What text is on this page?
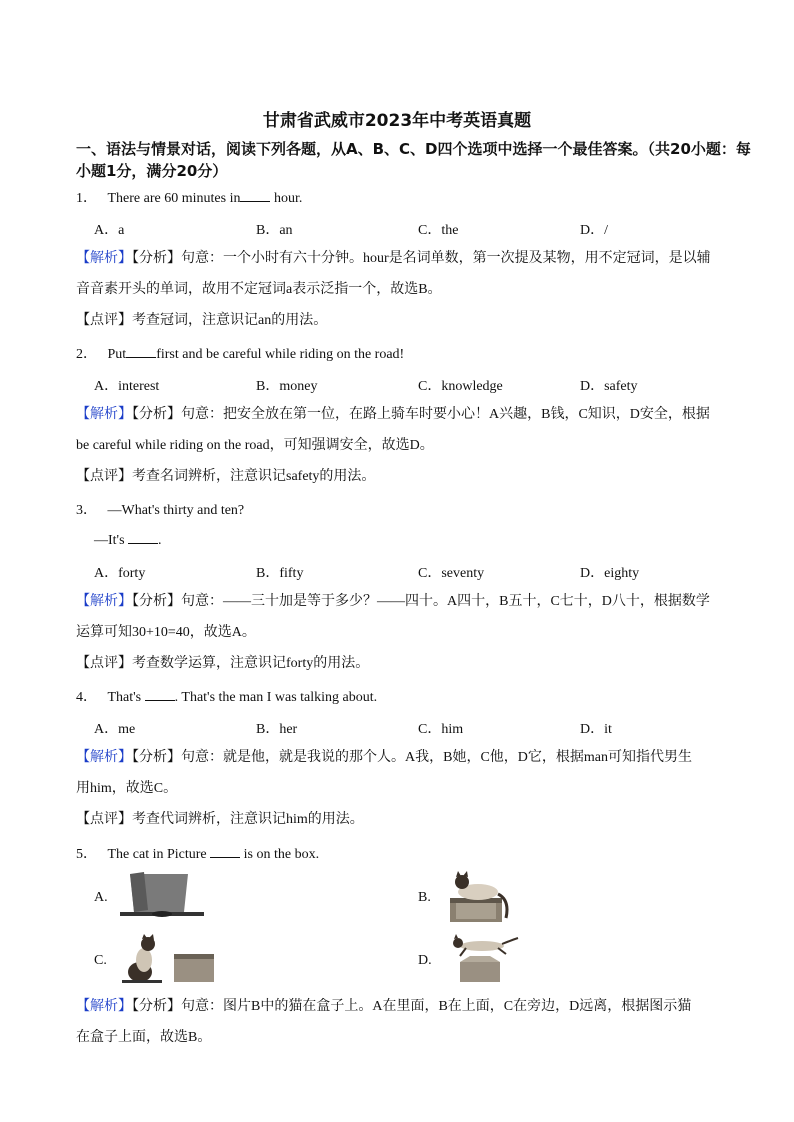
甘肃省武威市2023年中考英语真题
一、语法与情景对话，阅读下列各题，从A、B、C、D四个选项中选择一个最佳答案。（共20小题：每小题1分，满分20分）
1． There are 60 minutes in hour.
A．a	B．an	C．the	D．/
【解析】【分析】句意：一个小时有六十分钟。hour是名词单数，第一次提及某物，用不定冠词，是以辅
音音素开头的单词，故用不定冠词a表示泛指一个，故选B。
【点评】考查冠词，注意识记an的用法。
2． Put first and be careful while riding on the road!
A．interest	B．money	C．knowledge	D．safety
【解析】【分析】句意：把安全放在第一位，在路上骑车时要小心！A兴趣，B钱，C知识，D安全，根据
be careful while riding on the road，可知强调安全，故选D。
【点评】考查名词辨析，注意识记safety的用法。
3． —What's thirty and ten?
—It's .
A．forty	B．fifty	C．seventy	D．eighty
【解析】【分析】句意：——三十加是等于多少？——四十。A四十，B五十，C七十，D八十，根据数学
运算可知30+10=40，故选A。
【点评】考查数学运算，注意识记forty的用法。
4． That's . That's the man I was talking about.
A．me	B．her	C．him	D．it
【解析】【分析】句意：就是他，就是我说的那个人。A我，B她，C他，D它，根据man可知指代男生
用him，故选C。
【点评】考查代词辨析，注意识记him的用法。
5． The cat in Picture  is on the box.
A.	B.
C.	D.
【解析】【分析】句意：图片B中的猫在盒子上。A在里面，B在上面，C在旁边，D远离，根据图示猫
在盒子上面，故选B。
